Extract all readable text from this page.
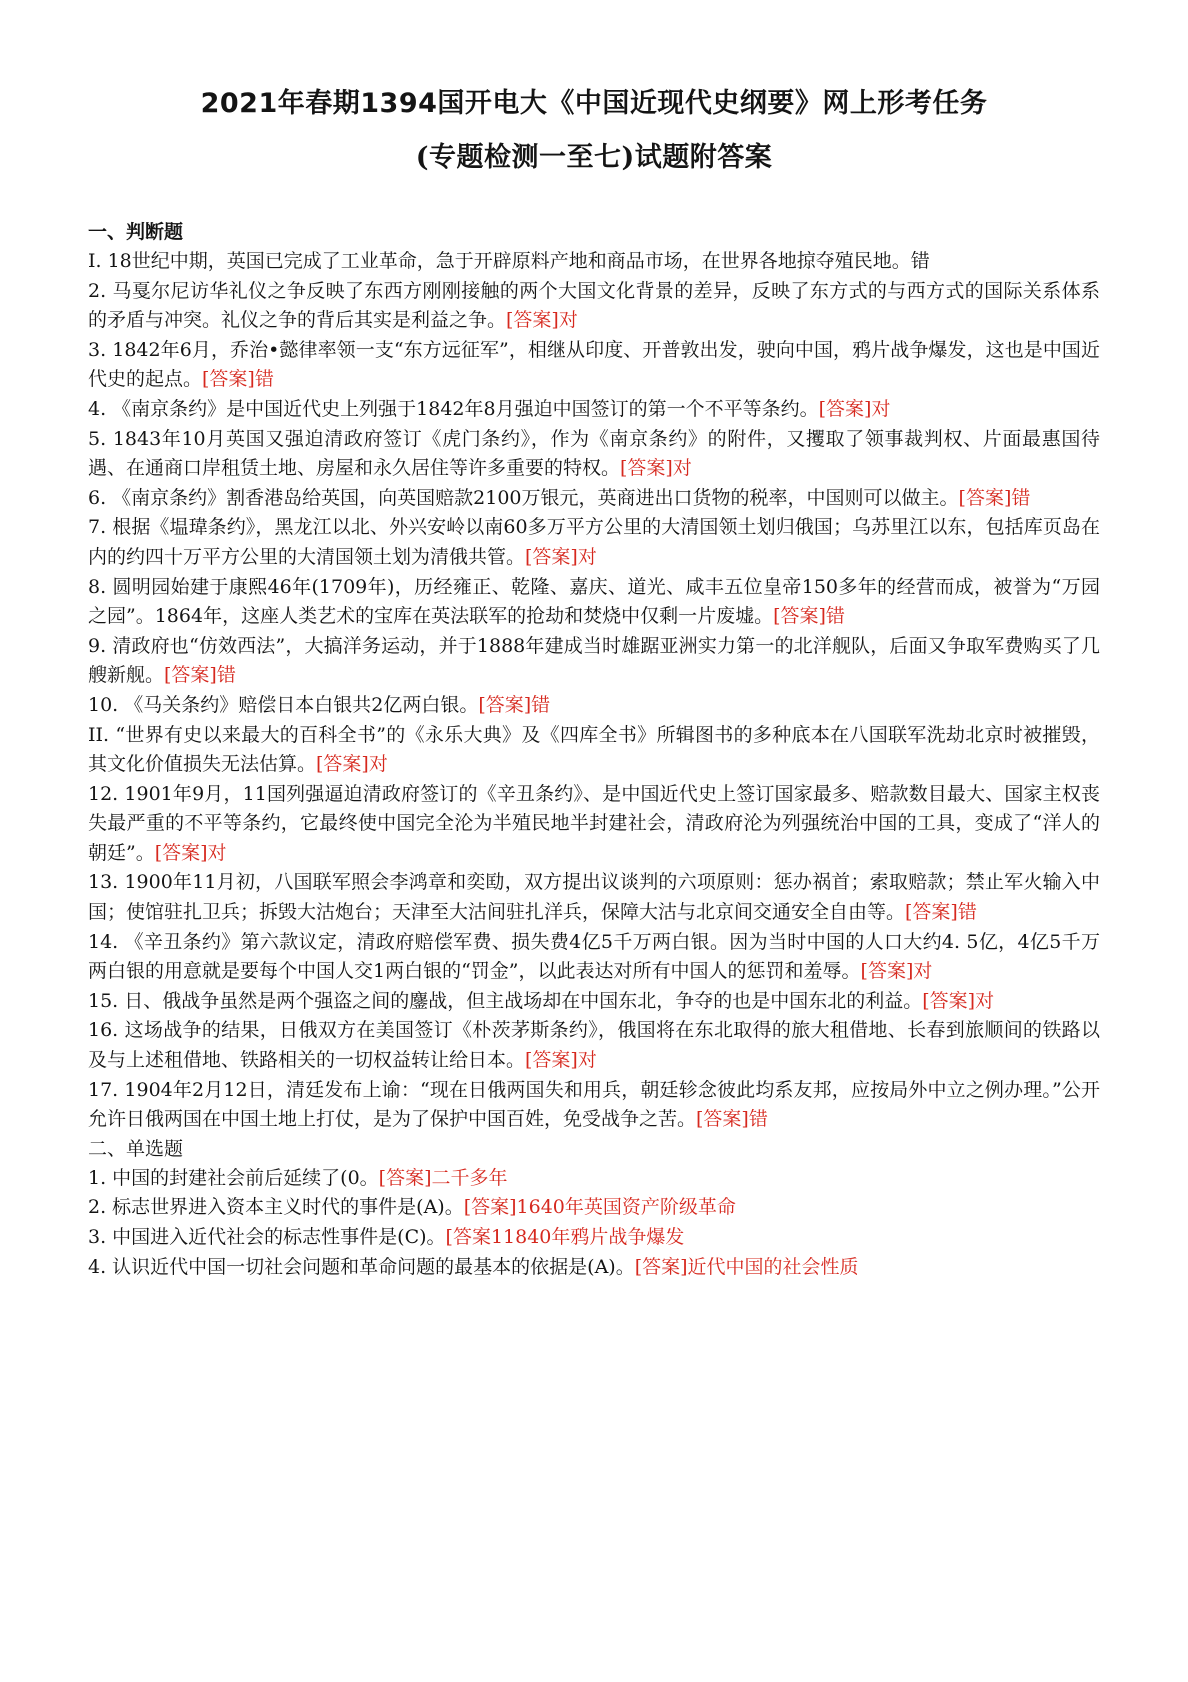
2021年春期1394国开电大《中国近现代史纲要》网上形考任务
(专题检测一至七)试题附答案
一、判断题

I. 18世纪中期，英国已完成了工业革命，急于开辟原料产地和商品市场，在世界各地掠夺殖民地。错

2. 马戛尔尼访华礼仪之争反映了东西方刚刚接触的两个大国文化背景的差异，反映了东方式的与西方式的国际关系体系的矛盾与冲突。礼仪之争的背后其实是利益之争。[答案]对

3. 1842年6月，乔治•懿律率领一支“东方远征军”，相继从印度、开普敦出发，驶向中国，鸦片战争爆发，这也是中国近代史的起点。[答案]错

4. 《南京条约》是中国近代史上列强于1842年8月强迫中国签订的第一个不平等条约。[答案]对

5. 1843年10月英国又强迫清政府签订《虎门条约》，作为《南京条约》的附件，又攫取了领事裁判权、片面最惠国待遇、在通商口岸租赁土地、房屋和永久居住等许多重要的特权。[答案]对

6. 《南京条约》割香港岛给英国，向英国赔款2100万银元，英商进出口货物的税率，中国则可以做主。[答案]错

7. 根据《塭瑋条约》，黑龙江以北、外兴安岭以南60多万平方公里的大清国领土划归俄国；乌苏里江以东，包括库页岛在内的约四十万平方公里的大清国领土划为清俄共管。[答案]对

8. 圆明园始建于康熙46年(1709年)，历经雍正、乾隆、嘉庆、道光、咸丰五位皇帝150多年的经营而成，被誉为“万园之园”。1864年，这座人类艺术的宝库在英法联军的抢劫和焚烧中仅剩一片废墟。[答案]错

9. 清政府也“仿效西法”，大搞洋务运动，并于1888年建成当时雄踞亚洲实力第一的北洋舰队，后面又争取军费购买了几艘新舰。[答案]错

10. 《马关条约》赔偿日本白银共2亿两白银。[答案]错

II. “世界有史以来最大的百科全书”的《永乐大典》及《四库全书》所辑图书的多种底本在八国联军洗劫北京时被摧毁，其文化价值损失无法估算。[答案]对

12. 1901年9月，11国列强逼迫清政府签订的《辛丑条约》、是中国近代史上签订国家最多、赔款数目最大、国家主权丧失最严重的不平等条约，它最终使中国完全沦为半殖民地半封建社会，清政府沦为列强统治中国的工具，变成了“洋人的朝廷”。[答案]对

13. 1900年11月初，八国联军照会李鸿章和奕劻，双方提出议谈判的六项原则：惩办祸首；索取赔款；禁止军火输入中国；使馆驻扎卫兵；拆毁大沽炮台；天津至大沽间驻扎洋兵，保障大沽与北京间交通安全自由等。[答案]错

14. 《辛丑条约》第六款议定，清政府赔偿军费、损失费4亿5千万两白银。因为当时中国的人口大约4. 5亿，4亿5千万两白银的用意就是要每个中国人交1两白银的“罚金”，以此表达对所有中国人的惩罚和羞辱。[答案]对

15. 日、俄战争虽然是两个强盗之间的鏖战，但主战场却在中国东北，争夺的也是中国东北的利益。[答案]对

16. 这场战争的结果，日俄双方在美国签订《朴茨茅斯条约》，俄国将在东北取得的旅大租借地、长春到旅顺间的铁路以及与上述租借地、铁路相关的一切权益转让给日本。[答案]对

17. 1904年2月12日，清廷发布上谕：“现在日俄两国失和用兵，朝廷轸念彼此均系友邦，应按局外中立之例办理。”公开允许日俄两国在中国土地上打仗，是为了保护中国百姓，免受战争之苦。[答案]错

二、单选题

1. 中国的封建社会前后延续了(0。[答案]二千多年

2. 标志世界进入资本主义时代的事件是(A)。[答案]1640年英国资产阶级革命

3. 中国进入近代社会的标志性事件是(C)。[答案11840年鸦片战争爆发

4. 认识近代中国一切社会问题和革命问题的最基本的依据是(A)。[答案]近代中国的社会性质
